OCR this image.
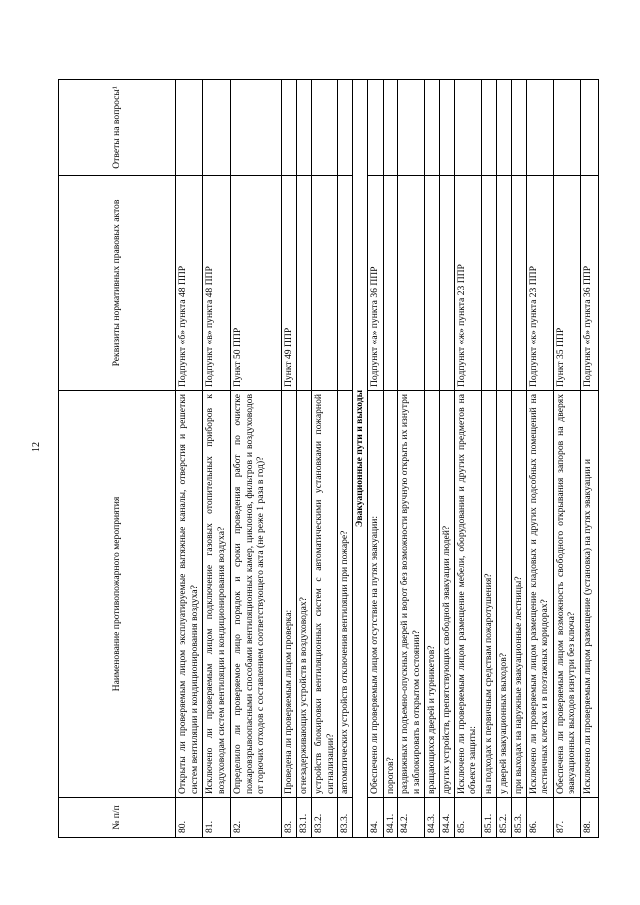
12
№ п/п	Наименование противопожарного мероприятия	Реквизиты нормативных правовых актов	Ответы на вопросы¹
80.	Открыты ли проверяемым лицом эксплуатируемые вытяжные каналы, отверстия и решетки систем вентиляции и кондиционирования воздуха?	Подпункт «б» пункта 48 ППР	
81.	Исключено ли проверяемым лицом подключение газовых отопительных приборов к воздуховодам систем вентиляции и кондиционирования воздуха?	Подпункт «в» пункта 48 ППР	
82.	Определило ли проверяемое лицо порядок и сроки проведения работ по очистке пожаровзрывоопасными способами вентиляционных камер, циклонов, фильтров и воздуховодов от горючих отходов с составлением соответствующего акта (не реже 1 раза в год)?	Пункт 50 ППР	
83.	Проведена ли проверяемым лицом проверка:	Пункт 49 ППР	
83.1.	огнезадерживающих устройств в воздуховодах?		
83.2.	устройств блокировки вентиляционных систем с автоматическими установками пожарной сигнализации?		
83.3.	автоматических устройств отключения вентиляции при пожаре?		
Эвакуационные пути и выходы			
84.	Обеспечено ли проверяемым лицом отсутствие на путях эвакуации:	Подпункт «а» пункта 36 ППР	
84.1.	порогов?		
84.2.	раздвижных и подъемно-опускных дверей и ворот без возможности вручную открыть их изнутри и заблокировать в открытом состоянии?		
84.3.	вращающихся дверей и турникетов?		
84.4.	других устройств, препятствующих свободной эвакуации людей?		
85.	Исключено ли проверяемым лицом размещение мебели, оборудования и других предметов на объекте защиты:	Подпункт «ж» пункта 23 ППР	
85.1.	на подходах к первичным средствам пожаротушения?		
85.2.	у дверей эвакуационных выходов?		
85.3.	при выходах на наружные эвакуационные лестницы?		
86.	Исключено ли проверяемым лицом размещение кладовых и других подсобных помещений на лестничных клетках и в поэтажных коридорах?	Подпункт «к» пункта 23 ППР	
87.	Обеспечена ли проверяемым лицом возможность свободного открывания запоров на дверях эвакуационных выходов изнутри без ключа?	Пункт 35 ППР	
88.	Исключено ли проверяемым лицом размещение (установка) на путях эвакуации и	Подпункт «б» пункта 36 ППР	
